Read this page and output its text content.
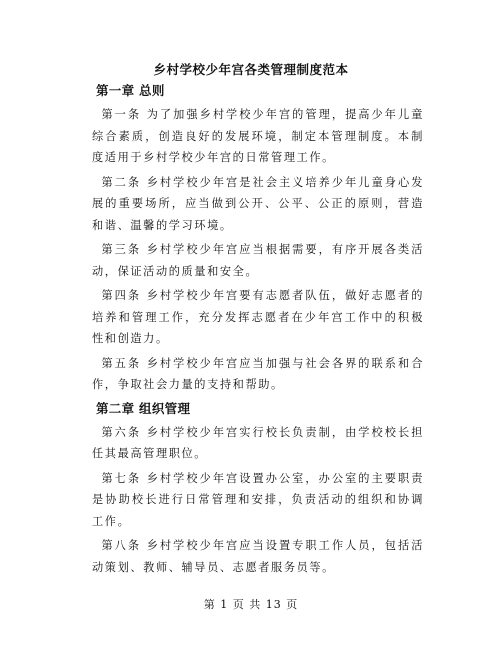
乡村学校少年宫各类管理制度范本
第一章 总则

第一条 为了加强乡村学校少年宫的管理，提高少年儿童综合素质，创造良好的发展环境，制定本管理制度。本制度适用于乡村学校少年宫的日常管理工作。

第二条 乡村学校少年宫是社会主义培养少年儿童身心发展的重要场所，应当做到公开、公平、公正的原则，营造和谐、温馨的学习环境。

第三条 乡村学校少年宫应当根据需要，有序开展各类活动，保证活动的质量和安全。

第四条 乡村学校少年宫要有志愿者队伍，做好志愿者的培养和管理工作，充分发挥志愿者在少年宫工作中的积极性和创造力。

第五条 乡村学校少年宫应当加强与社会各界的联系和合作，争取社会力量的支持和帮助。

第二章 组织管理

第六条 乡村学校少年宫实行校长负责制，由学校校长担任其最高管理职位。

第七条 乡村学校少年宫设置办公室，办公室的主要职责是协助校长进行日常管理和安排，负责活动的组织和协调工作。

第八条 乡村学校少年宫应当设置专职工作人员，包括活动策划、教师、辅导员、志愿者服务员等。

第 1 页 共 13 页
